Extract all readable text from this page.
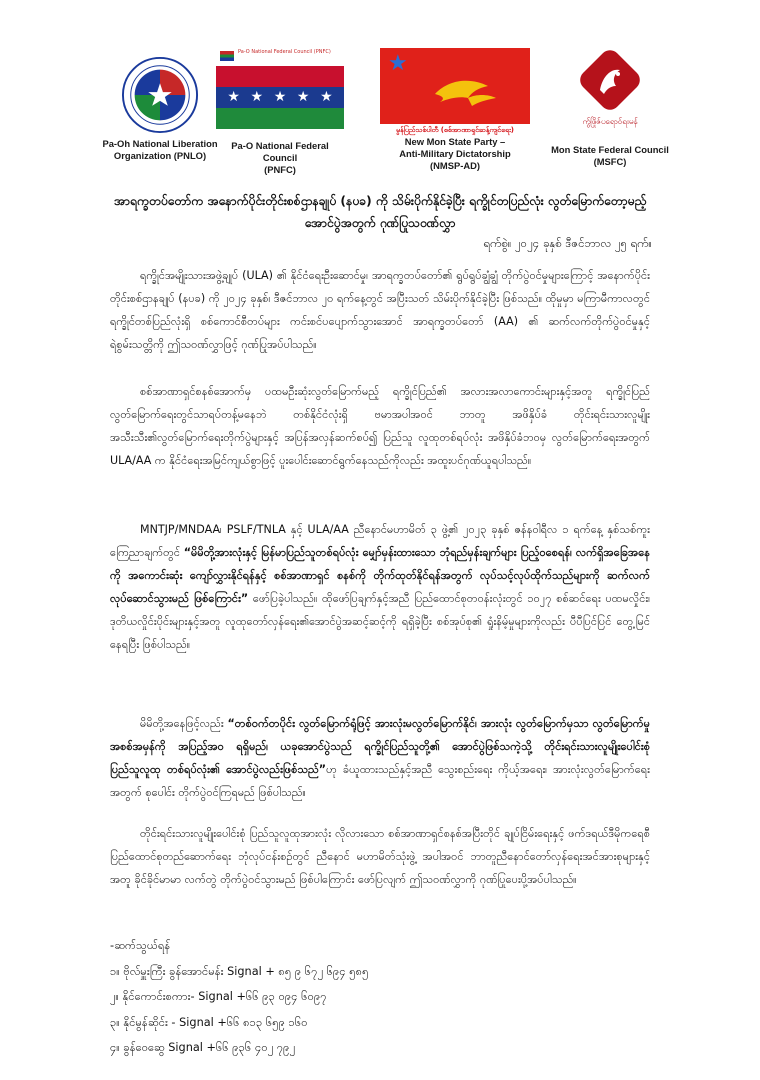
Pa-Oh National Liberation
Organization (PNLO)
Pa-O National Federal Council (PNFC)
★ ★ ★ ★ ★
Pa-O National Federal Council
(PNFC)
★
မွန်ပြည်သစ်ပါတီ (စစ်အာဏာရှင်ဆန့်ကျင်ရေး)
New Mon State Party –
Anti-Military Dictatorship
(NMSP-AD)
ကွ်ဖြိုဇ်ပရောဝ်ရးမန်
Mon State Federal Council
(MSFC)
အာရက္ခတပ်တော်က အနောက်ပိုင်းတိုင်းစစ်ဌာနချုပ် (နပခ) ကို သိမ်းပိုက်နိုင်ခဲ့ပြီး ရက္ခိုင်တပြည်လုံး လွတ်မြောက်တော့မည့်အောင်ပွဲအတွက် ဂုဏ်ပြုသဝဏ်လွှာ
ရက်စွဲ။ ၂၀၂၄ ခုနှစ် ဒီဇင်ဘာလ ၂၅ ရက်။

ရက္ခိုင်အမျိုးသားအဖွဲ့ချုပ် (ULA) ၏ နိုင်ငံရေးဦးဆောင်မှု၊ အာရက္ခတပ်တော်၏ ရွပ်ရွပ်ချွံချွံ တိုက်ပွဲဝင်မှုများကြောင့် အနောက်ပိုင်းတိုင်းစစ်ဌာနချုပ် (နပခ) ကို ၂၀၂၄ ခုနှစ်၊ ဒီဇင်ဘာလ ၂၀ ရက်နေ့တွင် အပြီးသတ် သိမ်းပိုက်နိုင်ခဲ့ပြီး ဖြစ်သည်။ ထိုမှုမှာ မကြာမီကာလတွင် ရက္ခိုင်တစ်ပြည်လုံးရှိ စစ်ကောင်စီတပ်များ ကင်းစင်ပပျောက်သွားအောင် အာရက္ခတပ်တော် (AA) ၏ ဆက်လက်တိုက်ပွဲဝင်မှုနှင့် ရဲစွမ်းသတ္တိကို ဤသဝဏ်လွှာဖြင့် ဂုဏ်ပြုအပ်ပါသည်။

စစ်အာဏာရှင်စနစ်အောက်မှ ပထမဦးဆုံးလွတ်မြောက်မည့် ရက္ခိုင်ပြည်၏ အလားအလာကောင်းများနှင့်အတူ ရက္ခိုင်ပြည်လွတ်မြောက်ရေးတွင်သာရပ်တန့်မနေဘဲ တစ်နိုင်ငံလုံးရှိ ဗမာအပါအဝင် ဘာတူ အဖိနှိပ်ခံ တိုင်းရင်းသားလူမျိုး အသီးသီး၏လွတ်မြောက်ရေးတိုက်ပွဲများနှင့် အပြန်အလှန်ဆက်စပ်၍ ပြည်သူ လူထုတစ်ရပ်လုံး အဖိနှိပ်ခံဘဝမှ လွတ်မြောက်ရေးအတွက် ULA/AA က နိုင်ငံရေးအမြင်ကျယ်စွာဖြင့် ပူးပေါင်းဆောင်ရွက်နေသည်ကိုလည်း အထူးပင်ဂုဏ်ယူရပါသည်။

MNTJP/MNDAA၊ PSLF/TNLA နှင့် ULA/AA ညီနောင်မဟာမိတ် ၃ ဖွဲ့၏ ၂၀၂၃ ခုနှစ် ဇန်နဝါရီလ ၁ ရက်နေ့ နှစ်သစ်ကူးကြေညာချက်တွင် “မိမိတို့အားလုံးနှင့် မြန်မာပြည်သူတစ်ရပ်လုံး မျှော်မှန်းထားသော ဘုံရည်မှန်းချက်များ ပြည့်ဝစေရန်၊ လက်ရှိအခြေအနေကို အကောင်းဆုံး ကျော်လွှားနိုင်ရန်နှင့် စစ်အာဏာရှင် စနစ်ကို တိုက်ထုတ်နိုင်ရန်အတွက် လုပ်သင့်လုပ်ထိုက်သည်များကို ဆက်လက်လုပ်ဆောင်သွားမည် ဖြစ်ကြောင်း” ဖော်ပြခဲ့ပါသည်။ ထိုဖော်ပြချက်နှင့်အညီ ပြည်ထောင်စုတဝန်းလုံးတွင် ၁၀၂၇ စစ်ဆင်ရေး ပထမလှိုင်း၊ ဒုတိယလှိုင်းပိုင်းများနှင့်အတူ လူထုတော်လှန်ရေး၏အောင်ပွဲအဆင့်ဆင့်ကို ရရှိခဲ့ပြီး စစ်အုပ်စု၏ ရှုံးနိမ့်မှုများကိုလည်း ပီပီပြင်ပြင် တွေ့မြင်နေရပြီး ဖြစ်ပါသည်။

မိမိတို့အနေဖြင့်လည်း “တစ်ဝက်တပိုင်း လွတ်မြောက်ရုံဖြင့် အားလုံးမလွတ်မြောက်နိုင်၊ အားလုံး လွတ်မြောက်မှသာ လွတ်မြောက်မှုအစစ်အမှန်ကို အပြည့်အဝ ရရှိမည်၊ ယခုအောင်ပွဲသည် ရက္ခိုင်ပြည်သူတို့၏ အောင်ပွဲဖြစ်သကဲ့သို့ တိုင်းရင်းသားလူမျိုးပေါင်းစုံ ပြည်သူလူထု တစ်ရပ်လုံး၏ အောင်ပွဲလည်းဖြစ်သည်”ဟု ခံယူထားသည်နှင့်အညီ သွေးစည်းရေး ကိုယ့်အရေး၊ အားလုံးလွတ်မြောက်ရေးအတွက် စုပေါင်း တိုက်ပွဲဝင်ကြရမည် ဖြစ်ပါသည်။

တိုင်းရင်းသားလူမျိုးပေါင်းစုံ ပြည်သူလူထုအားလုံး လိုလားသော စစ်အာဏာရှင်စနစ်အပြီးတိုင် ချုပ်ငြိမ်းရေးနှင့် ဖက်ဒရယ်ဒီမိုကရေစီ ပြည်ထောင်စုတည်ဆောက်ရေး ဘုံလုပ်ငန်းစဉ်တွင် ညီနောင် မဟာမိတ်သုံးဖွဲ့ အပါအဝင် ဘာတူညီနောင်တော်လှန်ရေးအင်အားစုများနှင့်အတူ ခိုင်ခိုင်မာမာ လက်တွဲ တိုက်ပွဲဝင်သွားမည် ဖြစ်ပါကြောင်း ဖော်ပြလျက် ဤသဝဏ်လွှာကို ဂုဏ်ပြုပေးပို့အပ်ပါသည်။

-ဆက်သွယ်ရန်
၁။ ဗိုလ်မှူးကြီး ခွန်အောင်မန်း Signal + ၈၅ ၉ ၆၇၂ ၆၉၄ ၅၈၅
၂။ နိုင်ကောင်းစကား- Signal +၆၆ ၉၃ ၀၉၄ ၆၀၉၇
၃။ နိုင်မွန်ဆိုင်း - Signal +၆၆ ၈၁၃ ၆၅၉ ၁၆၀
၄။ ခွန်ဝေဆွေ Signal +၆၆ ၉၃၆ ၄၀၂ ၇၉၂
